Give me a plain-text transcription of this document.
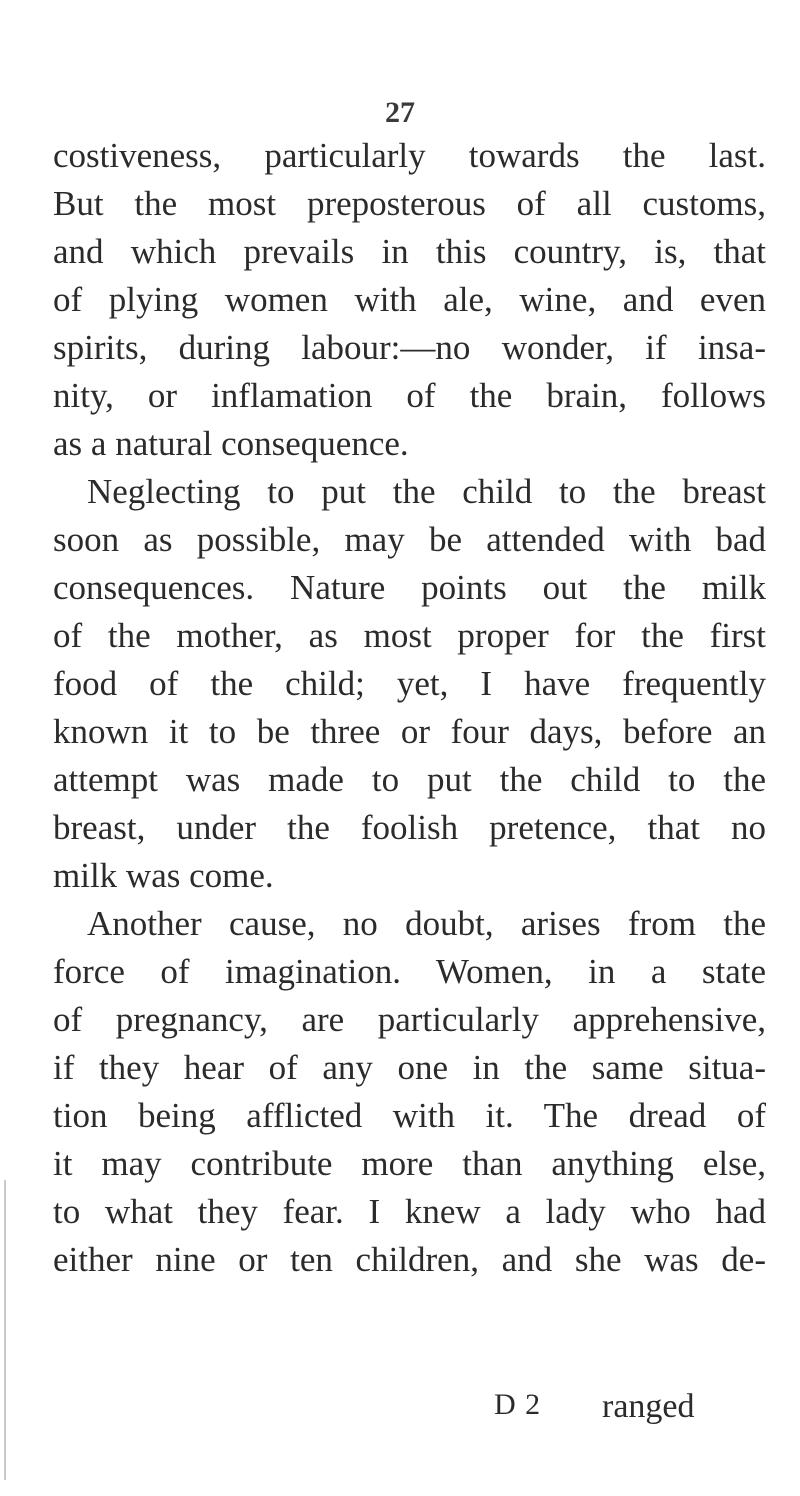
27
costiveness, particularly towards the last.
But the most preposterous of all customs,
and which prevails in this country, is, that
of plying women with ale, wine, and even
spirits, during labour:—no wonder, if insa-
nity, or inflamation of the brain, follows
as a natural consequence.
Neglecting to put the child to the breast
soon as possible, may be attended with bad
consequences. Nature points out the milk
of the mother, as most proper for the first
food of the child; yet, I have frequently
known it to be three or four days, before an
attempt was made to put the child to the
breast, under the foolish pretence, that no
milk was come.
Another cause, no doubt, arises from the
force of imagination. Women, in a state
of pregnancy, are particularly apprehensive,
if they hear of any one in the same situa-
tion being afflicted with it. The dread of
it may contribute more than anything else,
to what they fear. I knew a lady who had
either nine or ten children, and she was de-
D 2 ranged
